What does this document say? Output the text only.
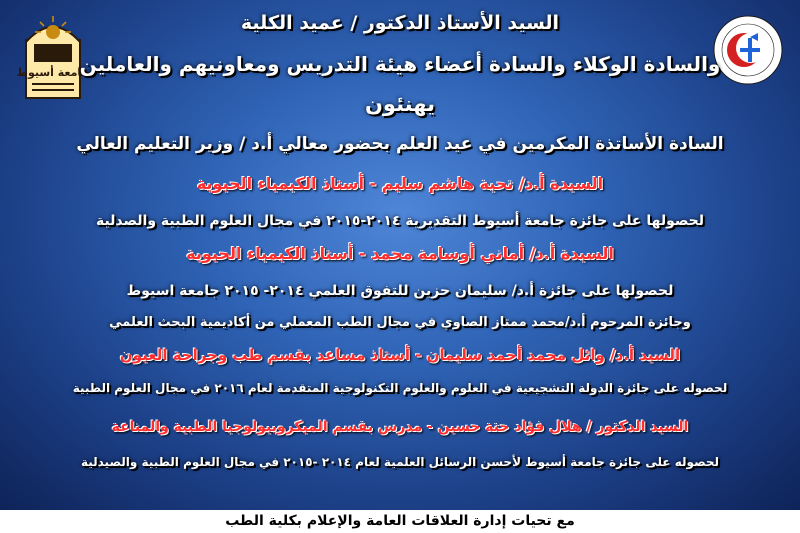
جامعة أسيوط
السيد الأستاذ الدكتور / عميد الكلية
والسادة الوكلاء والسادة أعضاء هيئة التدريس ومعاونيهم والعاملين
يهنئون

السادة الأساتذة المكرمين في عيد العلم بحضور معالي أ.د / وزير التعليم العالي

السيدة أ.د/ تحية هاشم سليم - أستاذ الكيمياء الحيوية

لحصولها على جائزة جامعة أسيوط التقديرية ٢٠١٤-٢٠١٥ في مجال العلوم الطبية والصدلية

السيدة أ.د/ أماني أوسامة محمد - أستاذ الكيمياء الحيوية

لحصولها على جائزة أ.د/ سليمان حزين للتفوق العلمي ٢٠١٤- ٢٠١٥ جامعة اسيوط

وجائزة المرحوم أ.د/محمد ممتاز الصاوي في مجال الطب المعملي من أكاديمية البحث العلمي

السيد أ.د/ وائل محمد أحمد سليمان - أستاذ مساعد بقسم طب وجراحة العيون

لحصوله على جائزة الدولة التشجيعية في العلوم والعلوم التكنولوجية المتقدمة لعام ٢٠١٦ في مجال العلوم الطبية

السيد الدكتور / هلال فؤاد حتة حسين - مدرس بقسم الميكروبيولوجيا الطبية والمناعة

لحصوله على جائزة جامعة أسيوط لأحسن الرسائل العلمية لعام ٢٠١٤ -٢٠١٥ في مجال العلوم الطبية والصيدلية

مع تحيات إدارة العلاقات العامة والإعلام بكلية الطب
